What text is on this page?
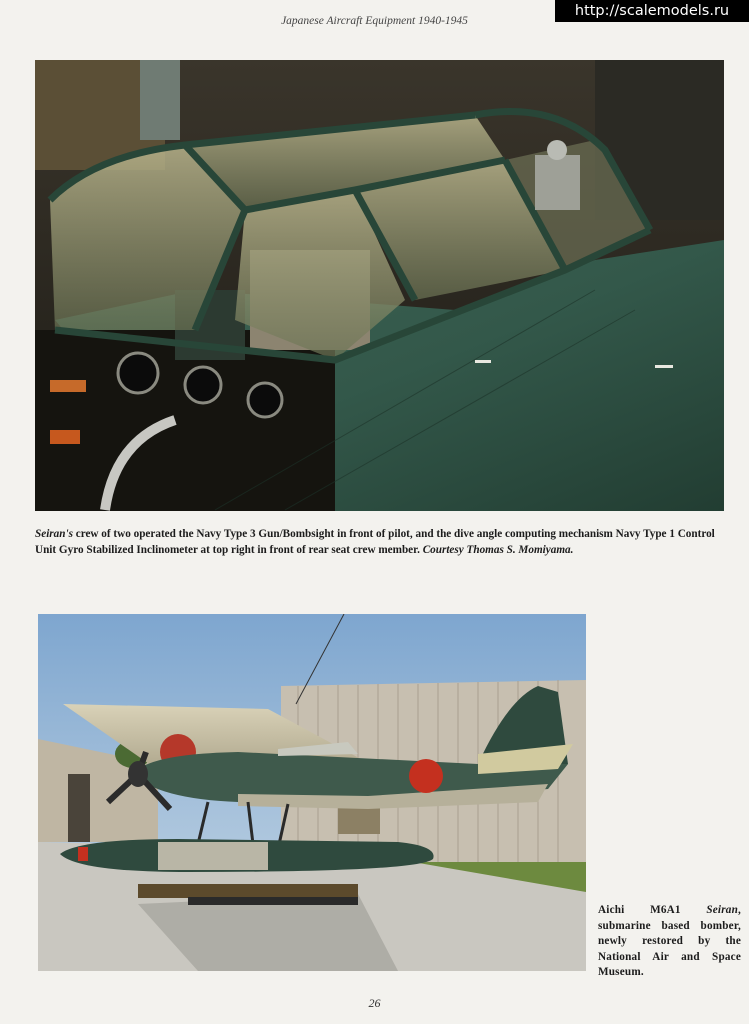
Japanese Aircraft Equipment 1940-1945
http://scalemodels.ru
Seiran's crew of two operated the Navy Type 3 Gun/Bombsight in front of pilot, and the dive angle computing mechanism Navy Type 1 Control Unit Gyro Stabilized Inclinometer at top right in front of rear seat crew member. Courtesy Thomas S. Momiyama.
Aichi M6A1 Seiran, submarine based bomber, newly restored by the National Air and Space Museum.
26
